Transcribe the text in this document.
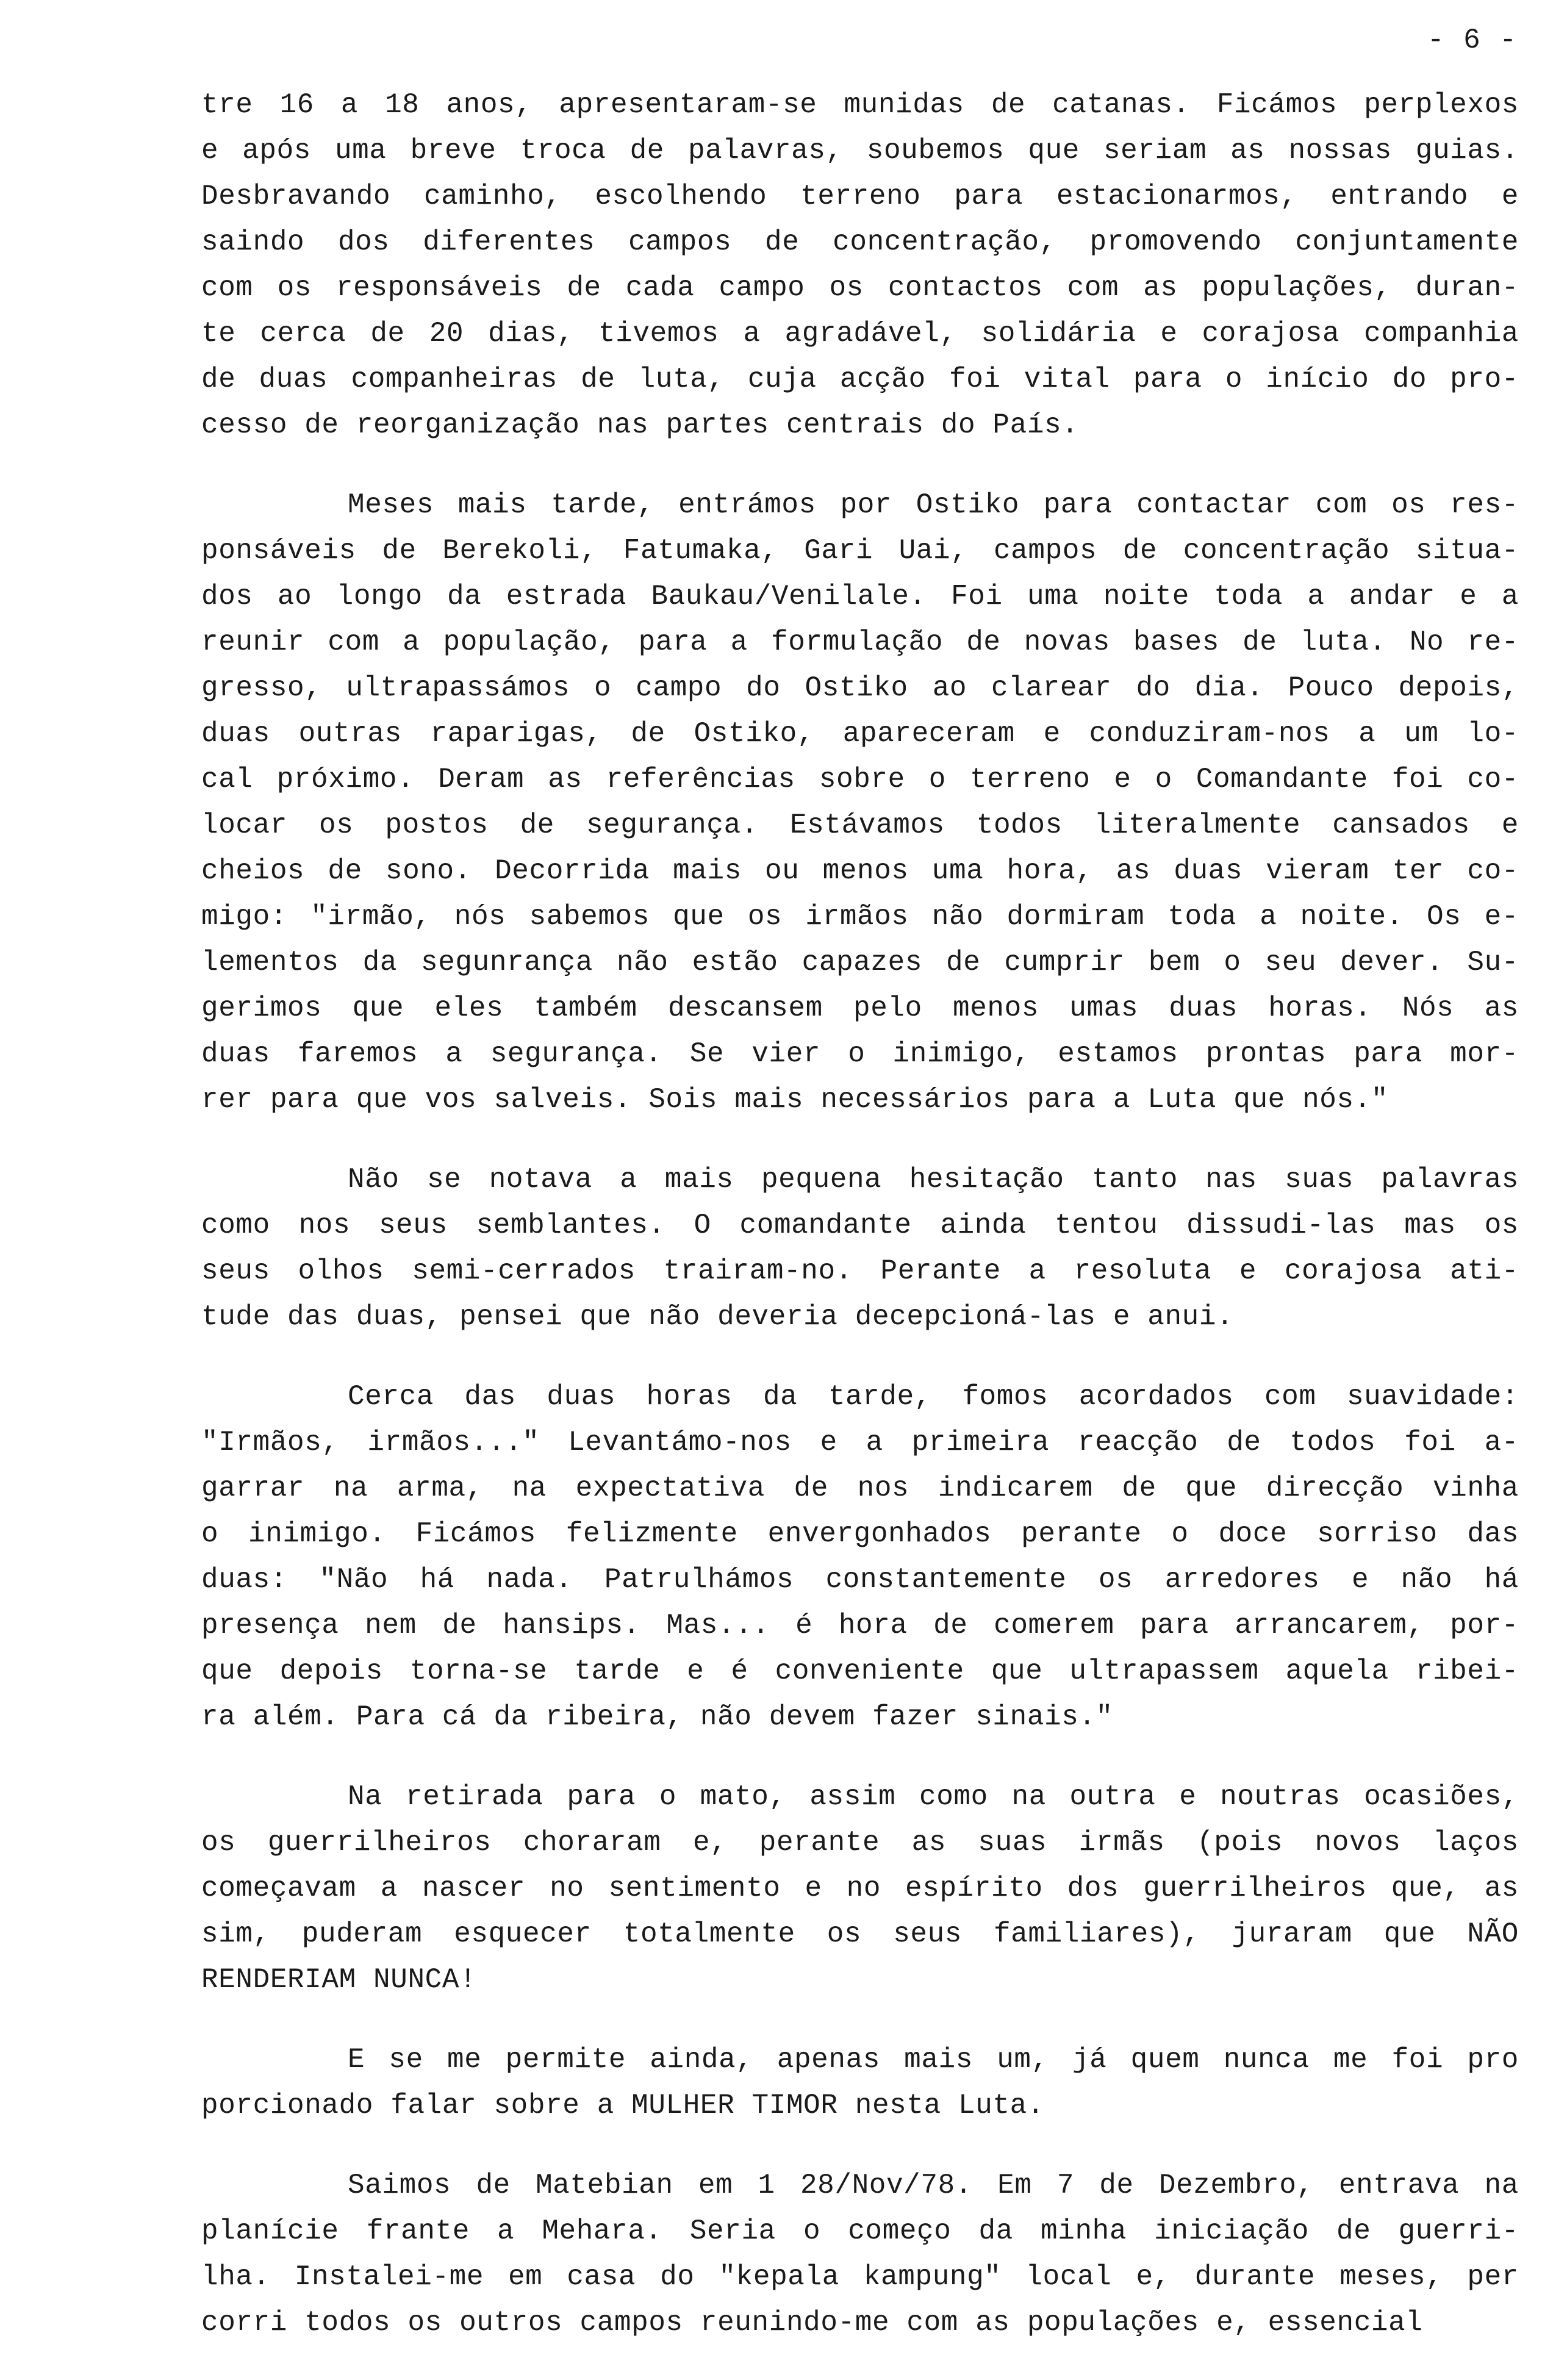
- 6 -
tre 16 a 18 anos, apresentaram-se munidas de catanas. Ficámos perplexos
e após uma breve troca de palavras, soubemos que seriam as nossas guias.
Desbravando caminho, escolhendo terreno para estacionarmos, entrando e
saindo dos diferentes campos de concentração, promovendo conjuntamente
com os responsáveis de cada campo os contactos com as populações, duran-
te cerca de 20 dias, tivemos a agradável, solidária e corajosa companhia
de duas companheiras de luta, cuja acção foi vital para o início do pro-
cesso de reorganização nas partes centrais do País.
Meses mais tarde, entrámos por Ostiko para contactar com os res-
ponsáveis de Berekoli, Fatumaka, Gari Uai, campos de concentração situa-
dos ao longo da estrada Baukau/Venilale. Foi uma noite toda a andar e a
reunir com a população, para a formulação de novas bases de luta. No re-
gresso, ultrapassámos o campo do Ostiko ao clarear do dia. Pouco depois,
duas outras raparigas, de Ostiko, apareceram e conduziram-nos a um lo-
cal próximo. Deram as referências sobre o terreno e o Comandante foi co-
locar os postos de segurança. Estávamos todos literalmente cansados e
cheios de sono. Decorrida mais ou menos uma hora, as duas vieram ter co-
migo: "irmão, nós sabemos que os irmãos não dormiram toda a noite. Os e-
lementos da segunrança não estão capazes de cumprir bem o seu dever. Su-
gerimos que eles também descansem pelo menos umas duas horas. Nós as
duas faremos a segurança. Se vier o inimigo, estamos prontas para mor-
rer para que vos salveis. Sois mais necessários para a Luta que nós."
Não se notava a mais pequena hesitação tanto nas suas palavras
como nos seus semblantes. O comandante ainda tentou dissudi-las mas os
seus olhos semi-cerrados trairam-no. Perante a resoluta e corajosa ati-
tude das duas, pensei que não deveria decepcioná-las e anui.
Cerca das duas horas da tarde, fomos acordados com suavidade:
"Irmãos, irmãos..." Levantámo-nos e a primeira reacção de todos foi a-
garrar na arma, na expectativa de nos indicarem de que direcção vinha
o inimigo. Ficámos felizmente envergonhados perante o doce sorriso das
duas: "Não há nada. Patrulhámos constantemente os arredores e não há
presença nem de hansips. Mas... é hora de comerem para arrancarem, por-
que depois torna-se tarde e é conveniente que ultrapassem aquela ribei-
ra além. Para cá da ribeira, não devem fazer sinais."
Na retirada para o mato, assim como na outra e noutras ocasiões,
os guerrilheiros choraram e, perante as suas irmãs (pois novos laços
começavam a nascer no sentimento e no espírito dos guerrilheiros que, as
sim, puderam esquecer totalmente os seus familiares), juraram que NÃO
RENDERIAM NUNCA!
E se me permite ainda, apenas mais um, já quem nunca me foi pro
porcionado falar sobre a MULHER TIMOR nesta Luta.
Saimos de Matebian em 1 28/Nov/78. Em 7 de Dezembro, entrava na
planície frante a Mehara. Seria o começo da minha iniciação de guerri-
lha. Instalei-me em casa do "kepala kampung" local e, durante meses, per
corri todos os outros campos reunindo-me com as populações e, essencial
